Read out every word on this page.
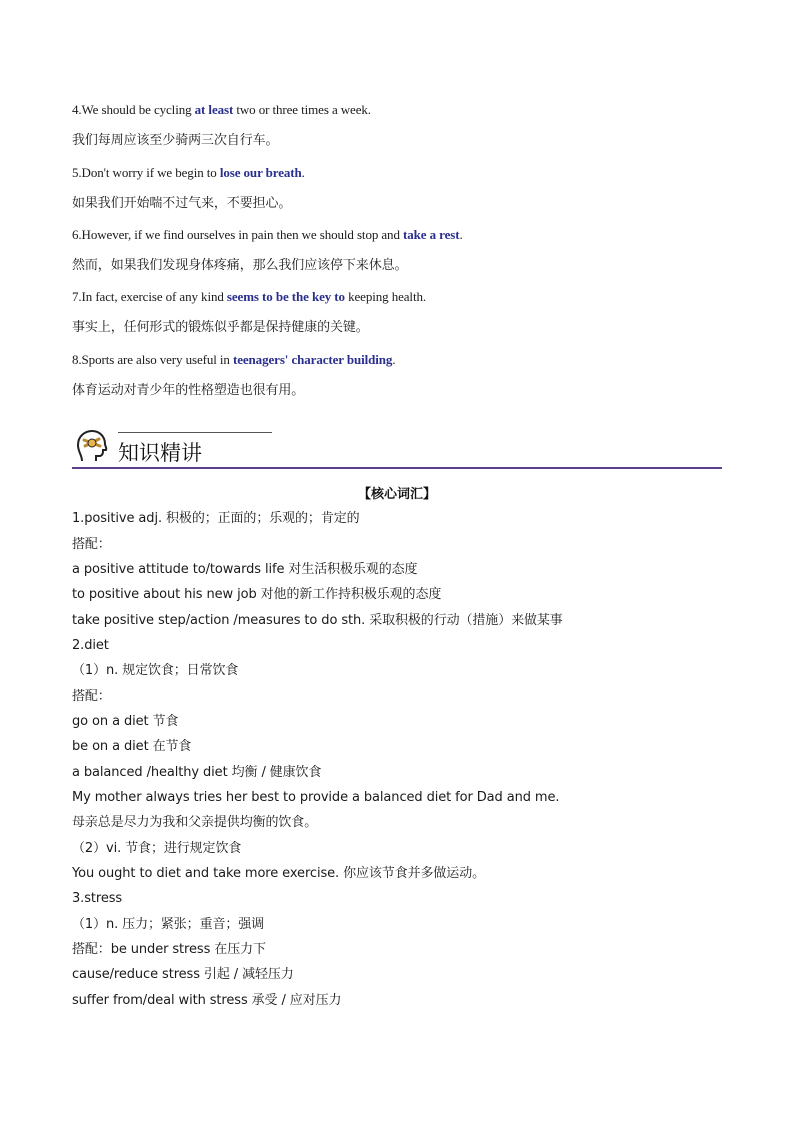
4.We should be cycling at least two or three times a week.
我们每周应该至少骑两三次自行车。
5.Don't worry if we begin to lose our breath.
如果我们开始喘不过气来，不要担心。
6.However, if we find ourselves in pain then we should stop and take a rest.
然而，如果我们发现身体疼痛，那么我们应该停下来休息。
7.In fact, exercise of any kind seems to be the key to keeping health.
事实上，任何形式的锻炼似乎都是保持健康的关键。
8.Sports are also very useful in teenagers' character building.
体育运动对青少年的性格塑造也很有用。
知识精讲
【核心词汇】
1.positive adj. 积极的；正面的；乐观的；肯定的
搭配：
a positive attitude to/towards life 对生活积极乐观的态度
to positive about his new job 对他的新工作持积极乐观的态度
take positive step/action /measures to do sth. 采取积极的行动（措施）来做某事
2.diet
（1）n. 规定饮食；日常饮食
搭配：
go on a diet 节食
be on a diet 在节食
a balanced /healthy diet 均衡 / 健康饮食
My mother always tries her best to provide a balanced diet for Dad and me.
母亲总是尽力为我和父亲提供均衡的饮食。
（2）vi. 节食；进行规定饮食
You ought to diet and take more exercise. 你应该节食并多做运动。
3.stress
（1）n. 压力；紧张；重音；强调
搭配：be under stress 在压力下
cause/reduce stress 引起 / 减轻压力
suffer from/deal with stress 承受 / 应对压力
